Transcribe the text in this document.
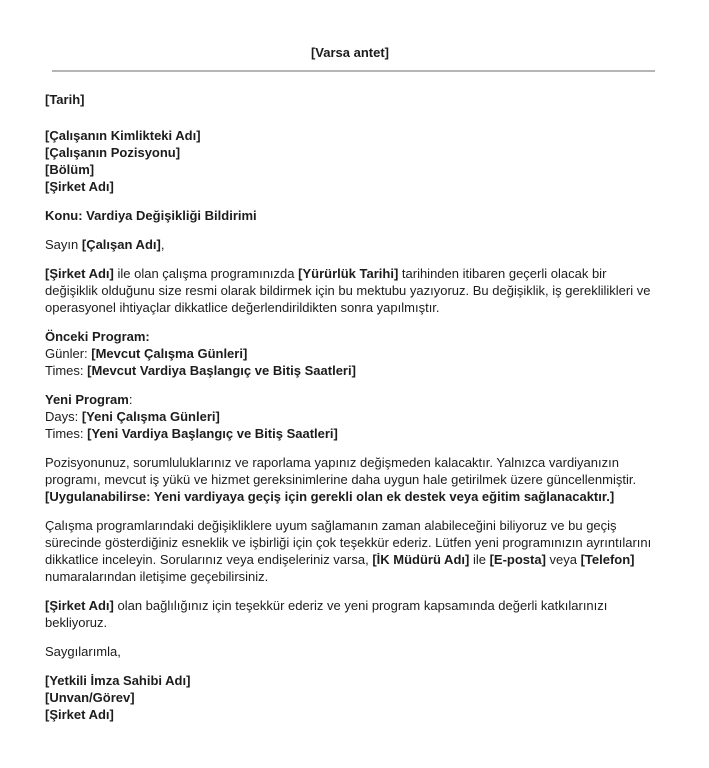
[Varsa antet]
[Tarih]
[Çalışanın Kimlikteki Adı]
[Çalışanın Pozisyonu]
[Bölüm]
[Şirket Adı]
Konu: Vardiya Değişikliği Bildirimi
Sayın [Çalışan Adı],

[Şirket Adı] ile olan çalışma programınızda [Yürürlük Tarihi] tarihinden itibaren geçerli olacak bir değişiklik olduğunu size resmi olarak bildirmek için bu mektubu yazıyoruz. Bu değişiklik, iş gereklilikleri ve operasyonel ihtiyaçlar dikkatlice değerlendirildikten sonra yapılmıştır.

Önceki Program:
Günler: [Mevcut Çalışma Günleri]
Times: [Mevcut Vardiya Başlangıç ve Bitiş Saatleri]
Yeni Program:
Days: [Yeni Çalışma Günleri]
Times: [Yeni Vardiya Başlangıç ve Bitiş Saatleri]

Pozisyonunuz, sorumluluklarınız ve raporlama yapınız değişmeden kalacaktır. Yalnızca vardiyanızın programı, mevcut iş yükü ve hizmet gereksinimlerine daha uygun hale getirilmek üzere güncellenmiştir.
[Uygulanabilirse: Yeni vardiyaya geçiş için gerekli olan ek destek veya eğitim sağlanacaktır.]

Çalışma programlarındaki değişikliklere uyum sağlamanın zaman alabileceğini biliyoruz ve bu geçiş sürecinde gösterdiğiniz esneklik ve işbirliği için çok teşekkür ederiz. Lütfen yeni programınızın ayrıntılarını dikkatlice inceleyin. Sorularınız veya endişeleriniz varsa, [İK Müdürü Adı] ile [E-posta] veya [Telefon] numaralarından iletişime geçebilirsiniz.

[Şirket Adı] olan bağlılığınız için teşekkür ederiz ve yeni program kapsamında değerli katkılarınızı bekliyoruz.

Saygılarımla,

[Yetkili İmza Sahibi Adı]
[Unvan/Görev]
[Şirket Adı]
